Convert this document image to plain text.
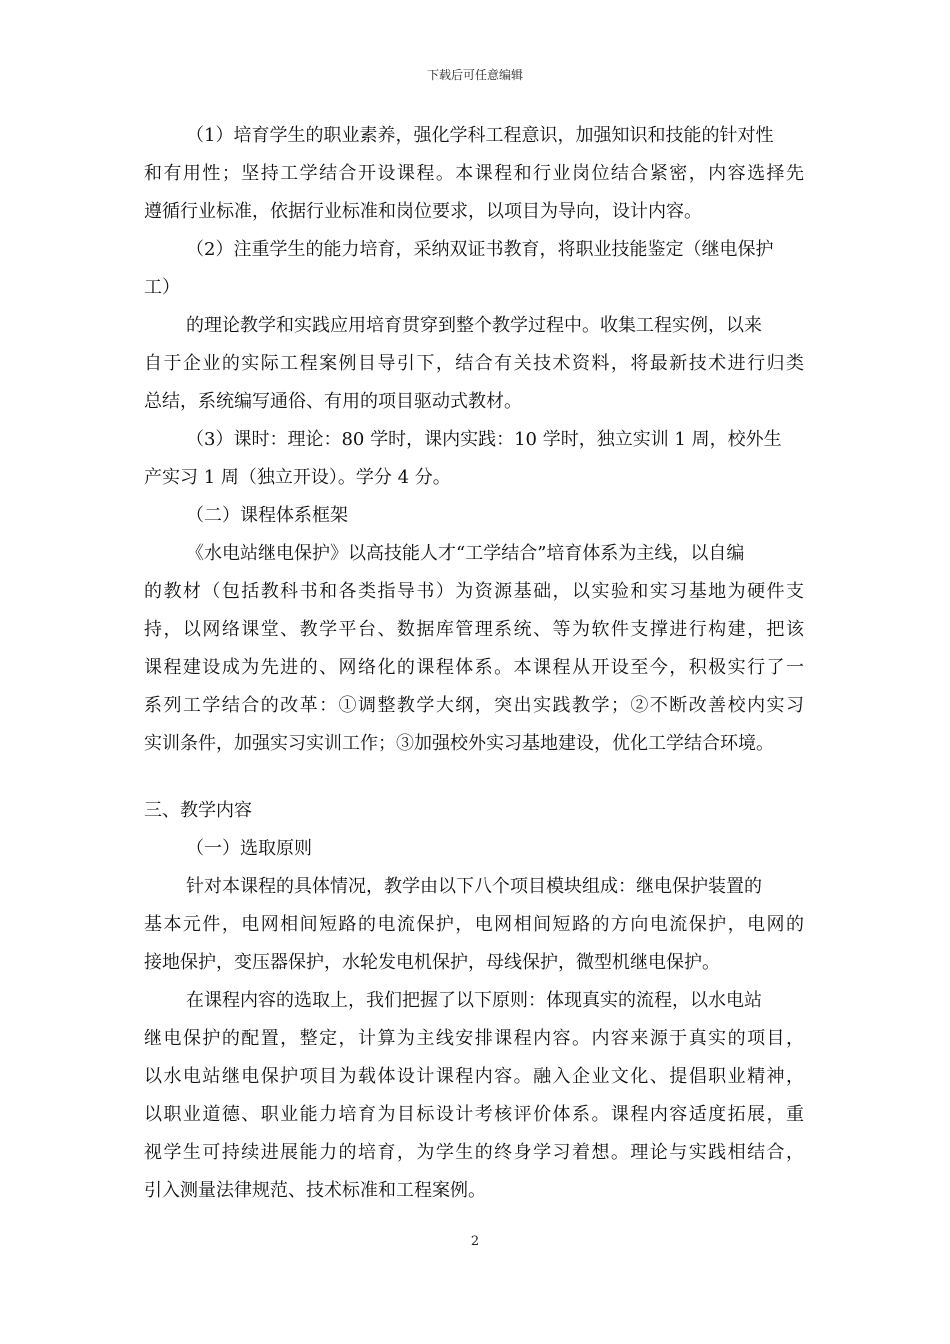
下载后可任意编辑
（1）培育学生的职业素养，强化学科工程意识，加强知识和技能的针对性
和有用性；坚持工学结合开设课程。本课程和行业岗位结合紧密，内容选择先
遵循行业标准，依据行业标准和岗位要求，以项目为导向，设计内容。
（2）注重学生的能力培育，采纳双证书教育，将职业技能鉴定（继电保护
工）
的理论教学和实践应用培育贯穿到整个教学过程中。收集工程实例，以来
自于企业的实际工程案例目导引下，结合有关技术资料，将最新技术进行归类
总结，系统编写通俗、有用的项目驱动式教材。
（3）课时：理论：80 学时，课内实践：10 学时，独立实训 1 周，校外生
产实习 1 周（独立开设）。学分 4 分。
（二）课程体系框架
《水电站继电保护》以高技能人才“工学结合”培育体系为主线，以自编
的教材（包括教科书和各类指导书）为资源基础，以实验和实习基地为硬件支
持，以网络课堂、教学平台、数据库管理系统、等为软件支撑进行构建，把该
课程建设成为先进的、网络化的课程体系。本课程从开设至今，积极实行了一
系列工学结合的改革：①调整教学大纲，突出实践教学；②不断改善校内实习
实训条件，加强实习实训工作；③加强校外实习基地建设，优化工学结合环境。
三、教学内容
（一）选取原则
针对本课程的具体情况，教学由以下八个项目模块组成：继电保护装置的
基本元件，电网相间短路的电流保护，电网相间短路的方向电流保护，电网的
接地保护，变压器保护，水轮发电机保护，母线保护，微型机继电保护。
在课程内容的选取上，我们把握了以下原则：体现真实的流程，以水电站
继电保护的配置，整定，计算为主线安排课程内容。内容来源于真实的项目，
以水电站继电保护项目为载体设计课程内容。融入企业文化、提倡职业精神，
以职业道德、职业能力培育为目标设计考核评价体系。课程内容适度拓展，重
视学生可持续进展能力的培育，为学生的终身学习着想。理论与实践相结合，
引入测量法律规范、技术标准和工程案例。
2
